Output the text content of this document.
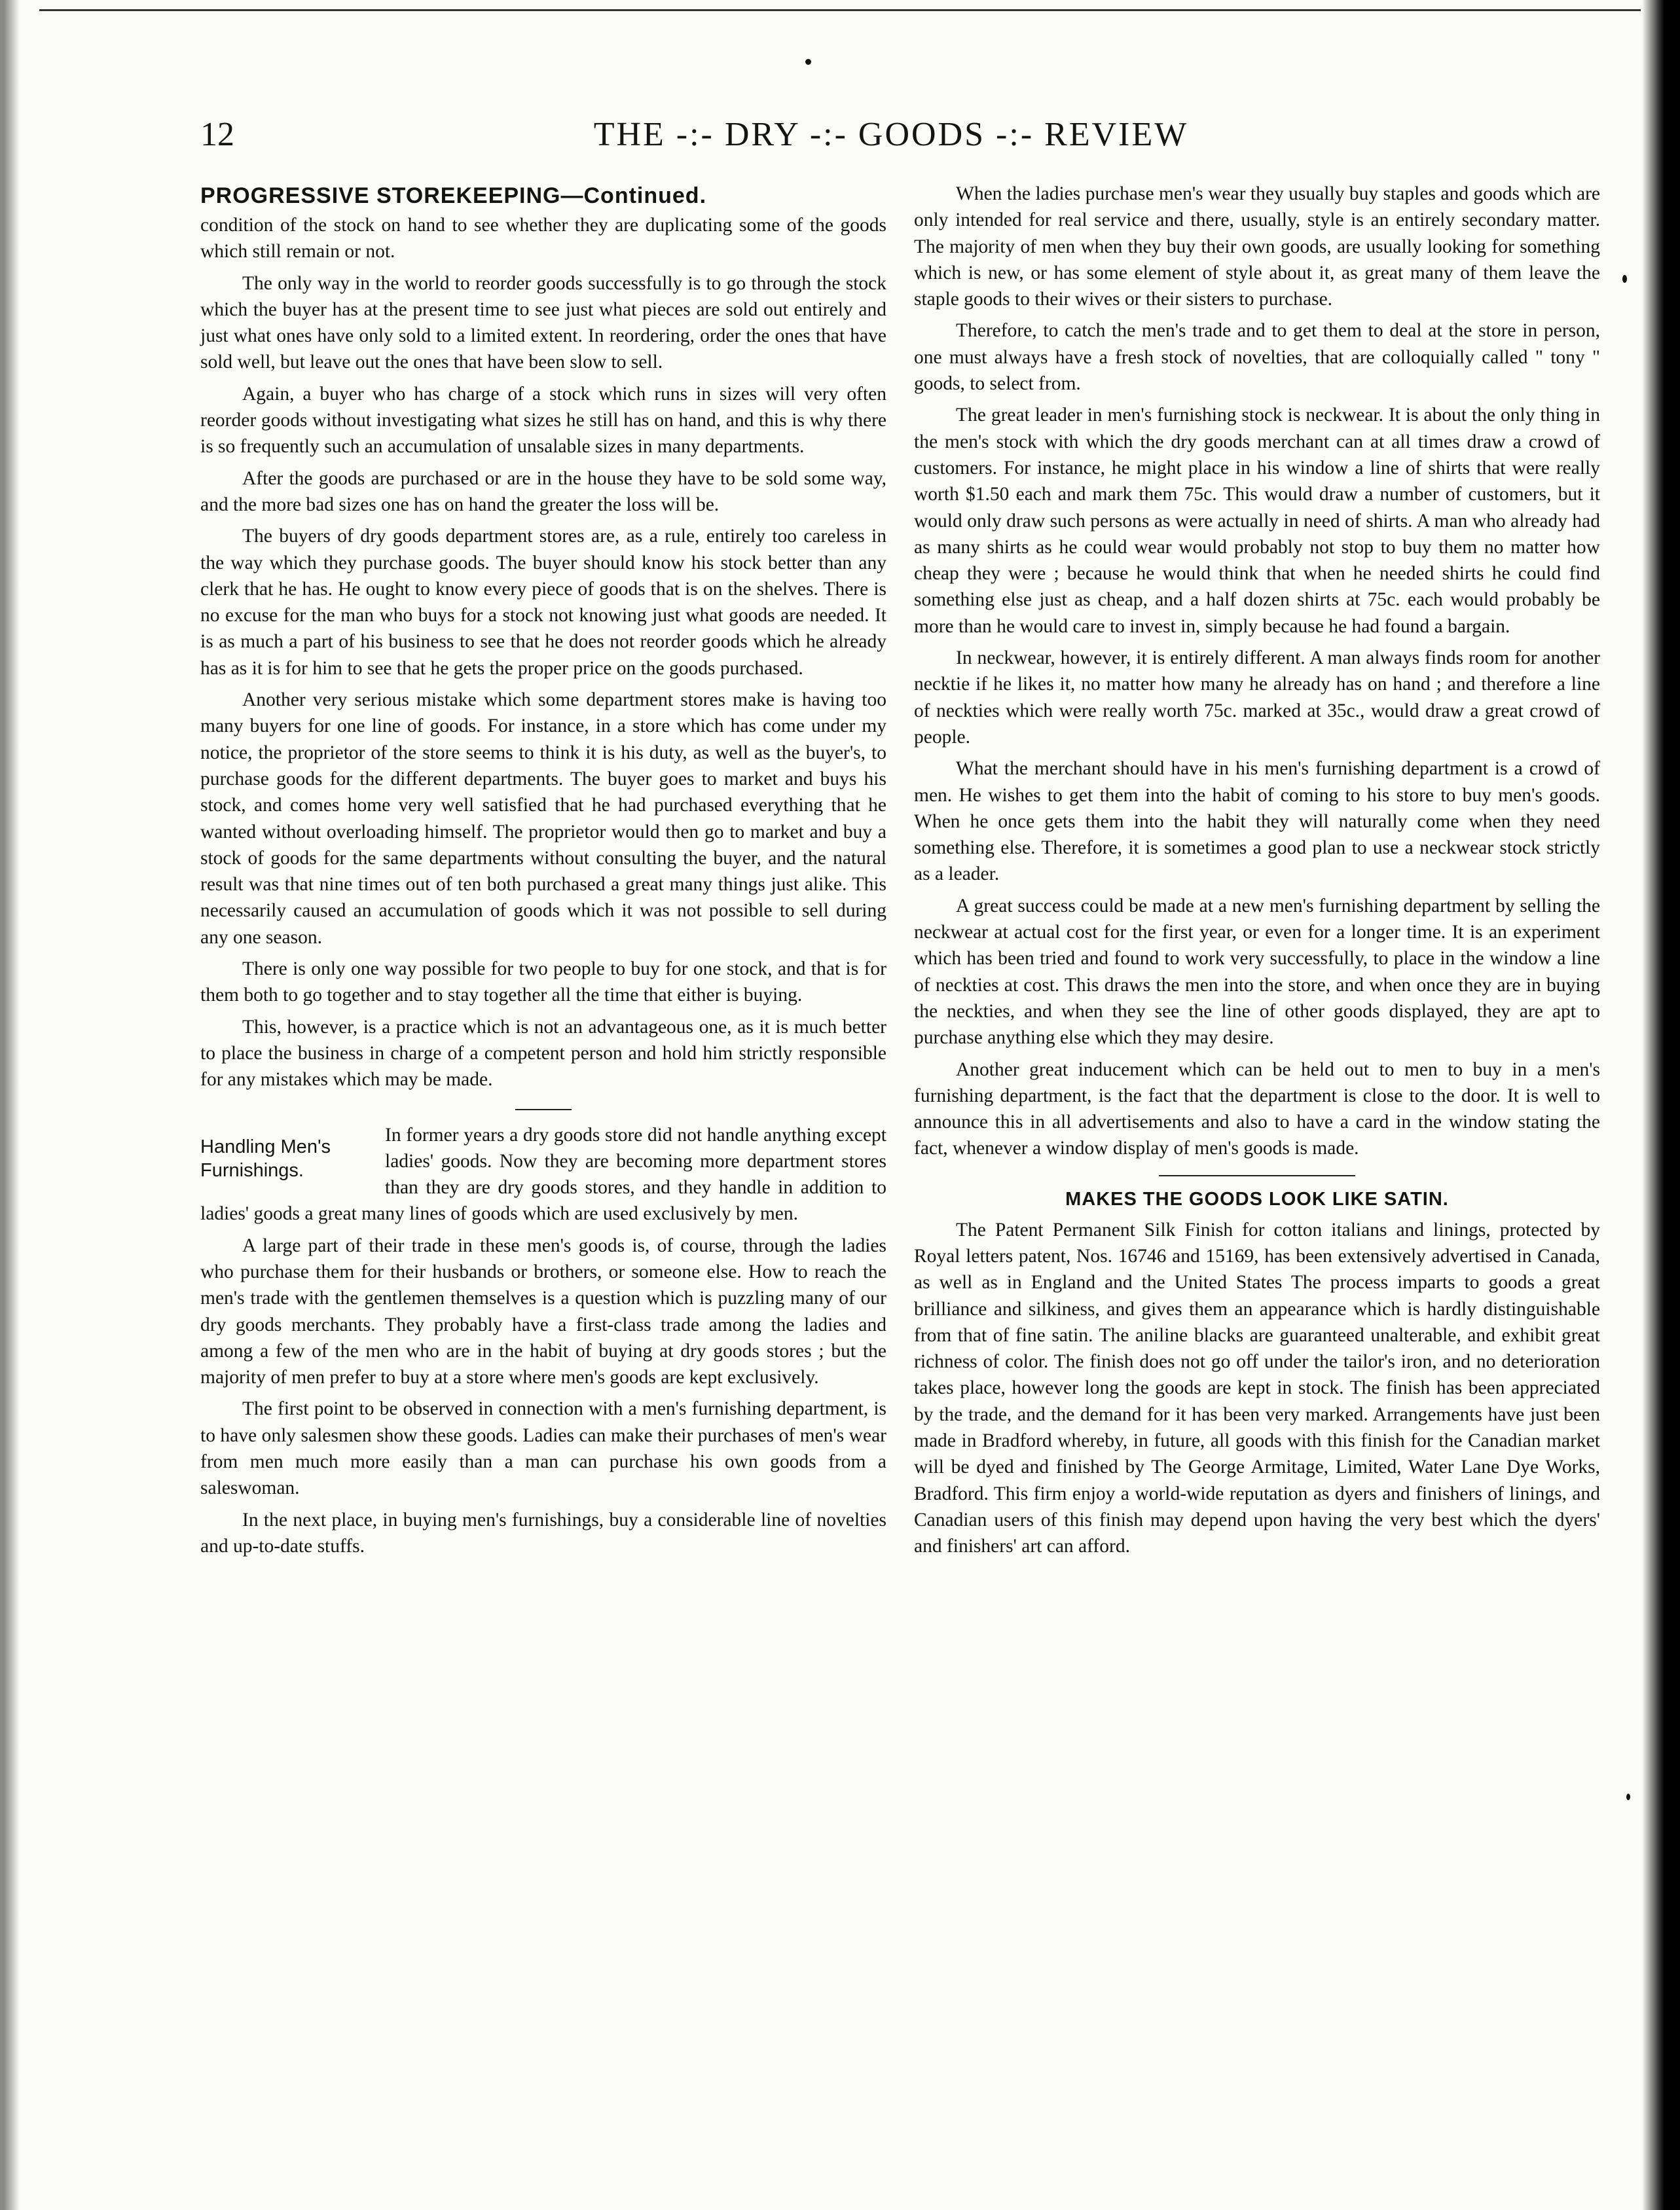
12	THE -:- DRY -:- GOODS -:- REVIEW
PROGRESSIVE STOREKEEPING—Continued.

condition of the stock on hand to see whether they are duplicating some of the goods which still remain or not.

The only way in the world to reorder goods successfully is to go through the stock which the buyer has at the present time to see just what pieces are sold out entirely and just what ones have only sold to a limited extent. In reordering, order the ones that have sold well, but leave out the ones that have been slow to sell.

Again, a buyer who has charge of a stock which runs in sizes will very often reorder goods without investigating what sizes he still has on hand, and this is why there is so frequently such an accumulation of unsalable sizes in many departments.

After the goods are purchased or are in the house they have to be sold some way, and the more bad sizes one has on hand the greater the loss will be.

The buyers of dry goods department stores are, as a rule, entirely too careless in the way which they purchase goods. The buyer should know his stock better than any clerk that he has. He ought to know every piece of goods that is on the shelves. There is no excuse for the man who buys for a stock not knowing just what goods are needed. It is as much a part of his business to see that he does not reorder goods which he already has as it is for him to see that he gets the proper price on the goods purchased.

Another very serious mistake which some department stores make is having too many buyers for one line of goods. For instance, in a store which has come under my notice, the proprietor of the store seems to think it is his duty, as well as the buyer's, to purchase goods for the different departments. The buyer goes to market and buys his stock, and comes home very well satisfied that he had purchased everything that he wanted without overloading himself. The proprietor would then go to market and buy a stock of goods for the same departments without consulting the buyer, and the natural result was that nine times out of ten both purchased a great many things just alike. This necessarily caused an accumulation of goods which it was not possible to sell during any one season.

There is only one way possible for two people to buy for one stock, and that is for them both to go together and to stay together all the time that either is buying.

This, however, is a practice which is not an advantageous one, as it is much better to place the business in charge of a competent person and hold him strictly responsible for any mistakes which may be made.

Handling Men's Furnishings.

In former years a dry goods store did not handle anything except ladies' goods. Now they are becoming more department stores than they are dry goods stores, and they handle in addition to ladies' goods a great many lines of goods which are used exclusively by men.

A large part of their trade in these men's goods is, of course, through the ladies who purchase them for their husbands or brothers, or someone else. How to reach the men's trade with the gentlemen themselves is a question which is puzzling many of our dry goods merchants. They probably have a first-class trade among the ladies and among a few of the men who are in the habit of buying at dry goods stores ; but the majority of men prefer to buy at a store where men's goods are kept exclusively.

The first point to be observed in connection with a men's furnishing department, is to have only salesmen show these goods. Ladies can make their purchases of men's wear from men much more easily than a man can purchase his own goods from a saleswoman.

In the next place, in buying men's furnishings, buy a considerable line of novelties and up-to-date stuffs.

When the ladies purchase men's wear they usually buy staples and goods which are only intended for real service and there, usually, style is an entirely secondary matter. The majority of men when they buy their own goods, are usually looking for something which is new, or has some element of style about it, as great many of them leave the staple goods to their wives or their sisters to purchase.

Therefore, to catch the men's trade and to get them to deal at the store in person, one must always have a fresh stock of novelties, that are colloquially called " tony " goods, to select from.

The great leader in men's furnishing stock is neckwear. It is about the only thing in the men's stock with which the dry goods merchant can at all times draw a crowd of customers. For instance, he might place in his window a line of shirts that were really worth $1.50 each and mark them 75c. This would draw a number of customers, but it would only draw such persons as were actually in need of shirts. A man who already had as many shirts as he could wear would probably not stop to buy them no matter how cheap they were ; because he would think that when he needed shirts he could find something else just as cheap, and a half dozen shirts at 75c. each would probably be more than he would care to invest in, simply because he had found a bargain.

In neckwear, however, it is entirely different. A man always finds room for another necktie if he likes it, no matter how many he already has on hand ; and therefore a line of neckties which were really worth 75c. marked at 35c., would draw a great crowd of people.

What the merchant should have in his men's furnishing department is a crowd of men. He wishes to get them into the habit of coming to his store to buy men's goods. When he once gets them into the habit they will naturally come when they need something else. Therefore, it is sometimes a good plan to use a neckwear stock strictly as a leader.

A great success could be made at a new men's furnishing department by selling the neckwear at actual cost for the first year, or even for a longer time. It is an experiment which has been tried and found to work very successfully, to place in the window a line of neckties at cost. This draws the men into the store, and when once they are in buying the neckties, and when they see the line of other goods displayed, they are apt to purchase anything else which they may desire.

Another great inducement which can be held out to men to buy in a men's furnishing department, is the fact that the department is close to the door. It is well to announce this in all advertisements and also to have a card in the window stating the fact, whenever a window display of men's goods is made.

MAKES THE GOODS LOOK LIKE SATIN.

The Patent Permanent Silk Finish for cotton italians and linings, protected by Royal letters patent, Nos. 16746 and 15169, has been extensively advertised in Canada, as well as in England and the United States The process imparts to goods a great brilliance and silkiness, and gives them an appearance which is hardly distinguishable from that of fine satin. The aniline blacks are guaranteed unalterable, and exhibit great richness of color. The finish does not go off under the tailor's iron, and no deterioration takes place, however long the goods are kept in stock. The finish has been appreciated by the trade, and the demand for it has been very marked. Arrangements have just been made in Bradford whereby, in future, all goods with this finish for the Canadian market will be dyed and finished by The George Armitage, Limited, Water Lane Dye Works, Bradford. This firm enjoy a world-wide reputation as dyers and finishers of linings, and Canadian users of this finish may depend upon having the very best which the dyers' and finishers' art can afford.
